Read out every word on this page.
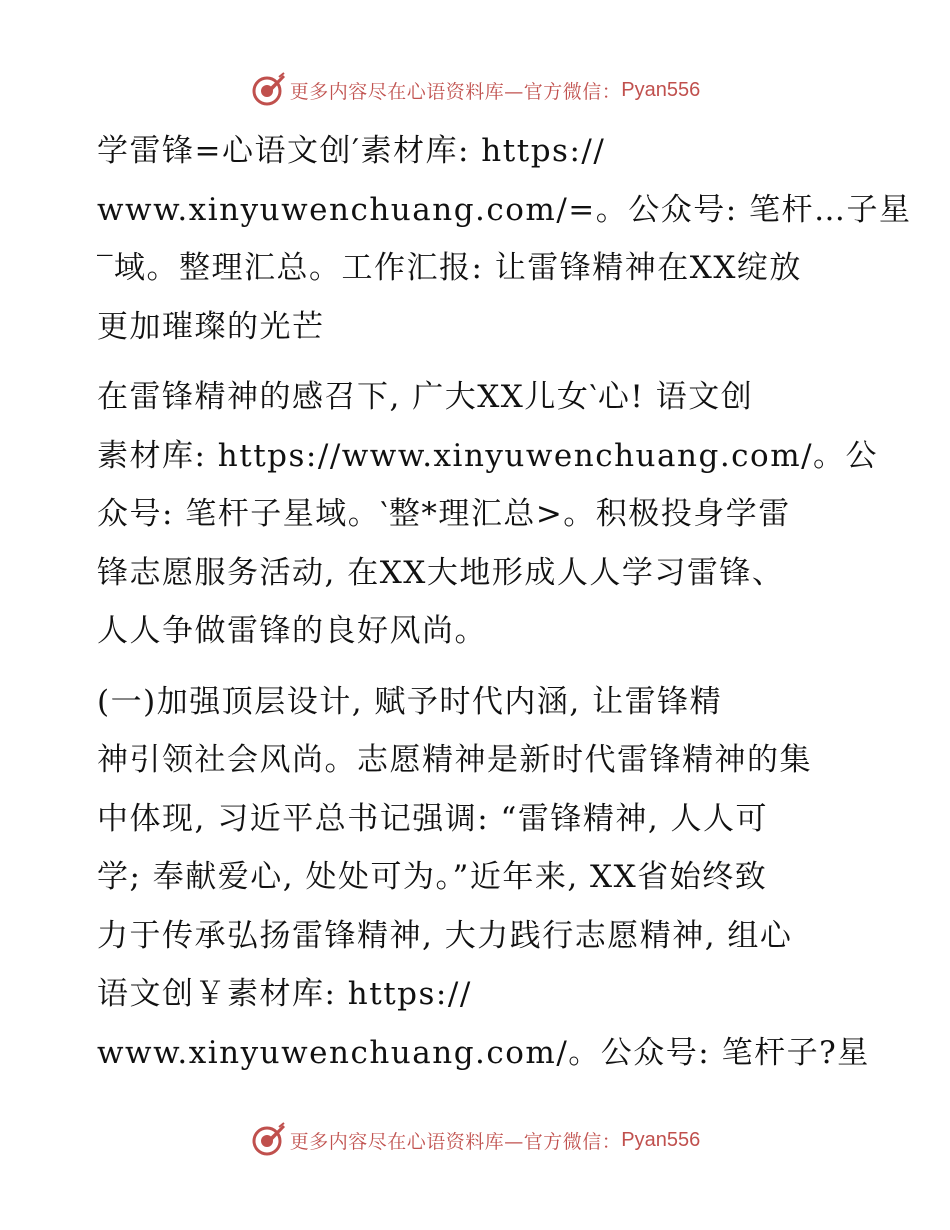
更多内容尽在心语资料库—官方微信： Pyan556
学雷锋=心语文创′素材库: https://
www.xinyuwenchuang.com/=。公众号: 笔杆…子星
‾域。整理汇总。工作汇报: 让雷锋精神在XX绽放
更加璀璨的光芒
在雷锋精神的感召下, 广大XX儿女‵心! 语文创
素材库: https://www.xinyuwenchuang.com/。公
众号: 笔杆子星域。‵整*理汇总>。积极投身学雷
锋志愿服务活动, 在XX大地形成人人学习雷锋、
人人争做雷锋的良好风尚。
(一)加强顶层设计, 赋予时代内涵, 让雷锋精
神引领社会风尚。志愿精神是新时代雷锋精神的集
中体现, 习近平总书记强调: “雷锋精神, 人人可
学; 奉献爱心, 处处可为。”近年来, XX省始终致
力于传承弘扬雷锋精神, 大力践行志愿精神, 组心
语文创￥素材库: https://
www.xinyuwenchuang.com/。公众号: 笔杆子?星
更多内容尽在心语资料库—官方微信： Pyan556
